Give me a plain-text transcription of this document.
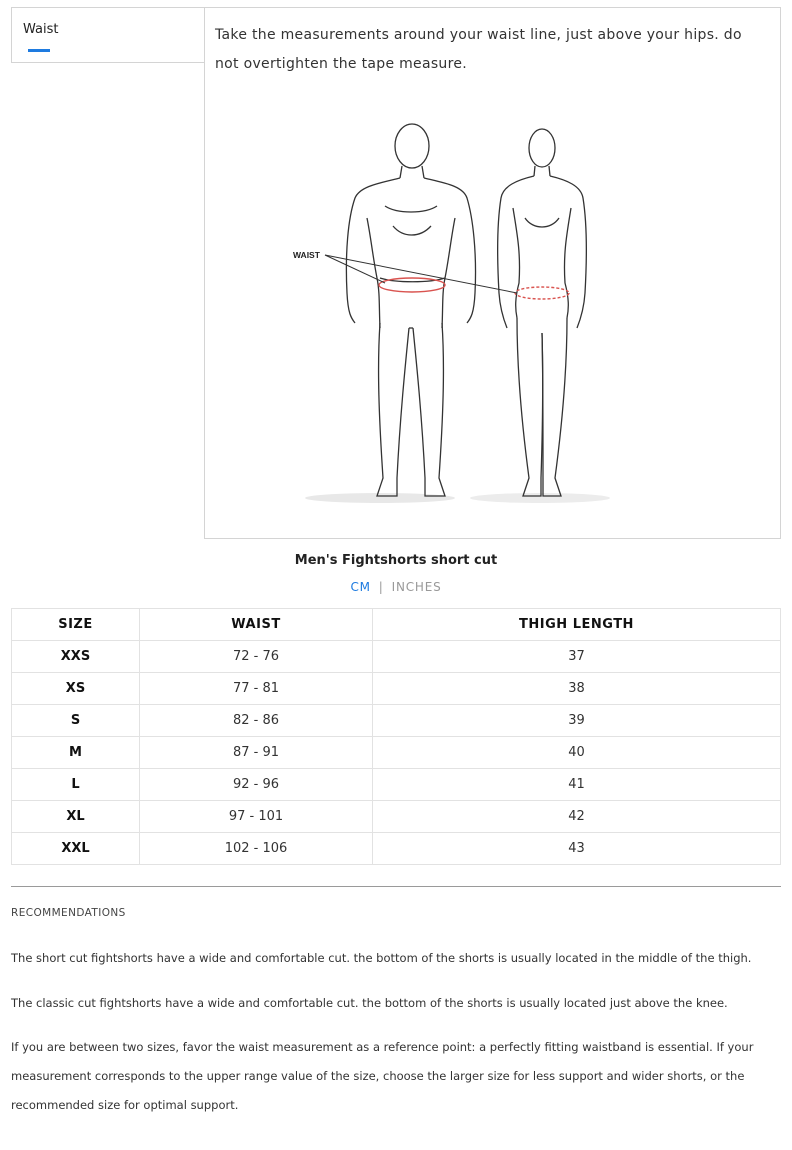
Waist	Take the measurements around your waist line, just above your hips. do not overtighten the tape measure.

WAIST
Men's Fightshorts short cut
CM | INCHES
SIZE	WAIST	THIGH LENGTH
XXS	72 - 76	37
XS	77 - 81	38
S	82 - 86	39
M	87 - 91	40
L	92 - 96	41
XL	97 - 101	42
XXL	102 - 106	43
RECOMMENDATIONS

The short cut fightshorts have a wide and comfortable cut. the bottom of the shorts is usually located in the middle of the thigh.

The classic cut fightshorts have a wide and comfortable cut. the bottom of the shorts is usually located just above the knee.

If you are between two sizes, favor the waist measurement as a reference point: a perfectly fitting waistband is essential. If your measurement corresponds to the upper range value of the size, choose the larger size for less support and wider shorts, or the recommended size for optimal support.
